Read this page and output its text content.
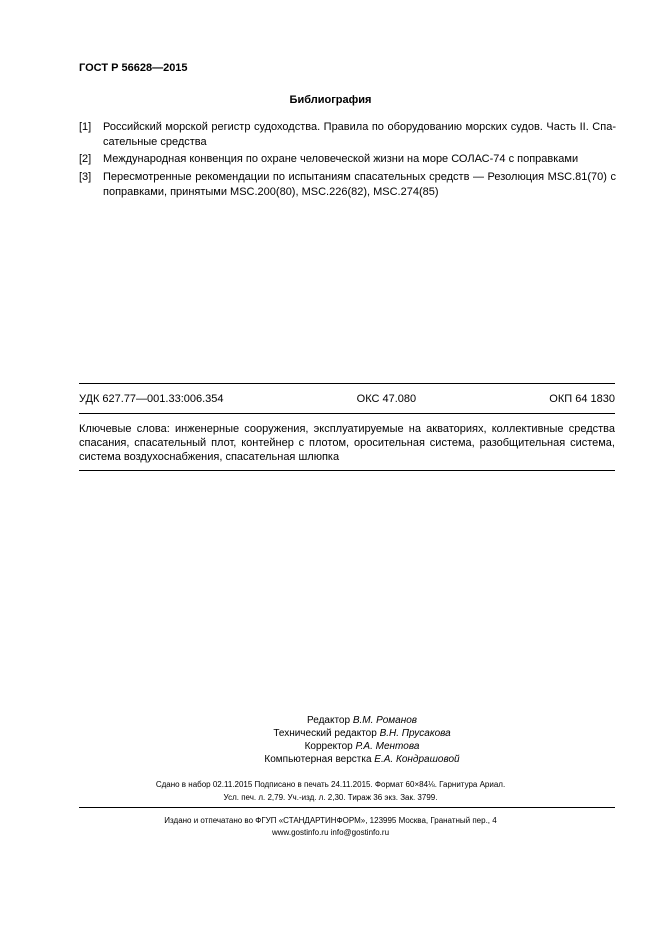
ГОСТ Р 56628—2015
Библиография
[1]	Российский морской регистр судоходства. Правила по оборудованию морских судов. Часть II. Спа-сательные средства
[2]	Международная конвенция по охране человеческой жизни на море СОЛАС-74 с поправками
[3]	Пересмотренные рекомендации по испытаниям спасательных средств — Резолюция MSC.81(70) с поправками, принятыми MSC.200(80), MSC.226(82), MSC.274(85)
УДК 627.77—001.33:006.354	ОКС 47.080	ОКП 64 1830
Ключевые слова: инженерные сооружения, эксплуатируемые на акваториях, коллективные средства спасания, спасательный плот, контейнер с плотом, оросительная система, разобщительная система, система воздухоснабжения, спасательная шлюпка
Редактор В.М. Романов
Технический редактор В.Н. Прусакова
Корректор Р.А. Ментова
Компьютерная верстка Е.А. Кондрашовой
Сдано в набор 02.11.2015 Подписано в печать 24.11.2015. Формат 60×84⅛. Гарнитура Ариал.
Усл. печ. л. 2,79. Уч.-изд. л. 2,30. Тираж 36 экз. Зак. 3799.
Издано и отпечатано во ФГУП «СТАНДАРТИНФОРМ», 123995 Москва, Гранатный пер., 4
www.gostinfo.ru info@gostinfo.ru
